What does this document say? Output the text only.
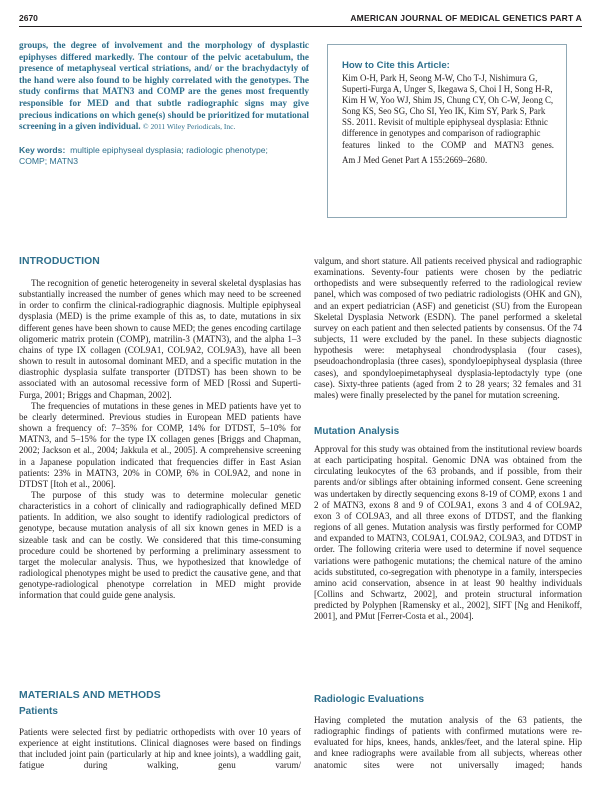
2670	AMERICAN JOURNAL OF MEDICAL GENETICS PART A

groups, the degree of involvement and the morphology of dysplastic epiphyses differed markedly. The contour of the pelvic acetabulum, the presence of metaphyseal vertical striations, and/ or the brachydactyly of the hand were also found to be highly correlated with the genotypes. The study confirms that MATN3 and COMP are the genes most frequently responsible for MED and that subtle radiographic signs may give precious indications on which gene(s) should be prioritized for mutational screening in a given individual. © 2011 Wiley Periodicals, Inc.

Key words: multiple epiphyseal dysplasia; radiologic phenotype;
COMP; MATN3
How to Cite this Article:
Kim O-H, Park H, Seong M-W, Cho T-J, Nishimura G, Superti-Furga A, Unger S, Ikegawa S, Choi I H, Song H-R, Kim H W, Yoo WJ, Shim JS, Chung CY, Oh C-W, Jeong C, Song KS, Seo SG, Cho SI, Yeo IK, Kim SY, Park S, Park SS. 2011. Revisit of multiple epiphyseal dysplasia: Ethnic difference in genotypes and comparison of radiographic features linked to the COMP and MATN3 genes.
Am J Med Genet Part A 155:2669–2680.
INTRODUCTION

The recognition of genetic heterogeneity in several skeletal dysplasias has substantially increased the number of genes which may need to be screened in order to confirm the clinical-radiographic diagnosis. Multiple epiphyseal dysplasia (MED) is the prime example of this as, to date, mutations in six different genes have been shown to cause MED; the genes encoding cartilage oligomeric matrix protein (COMP), matrilin-3 (MATN3), and the alpha 1–3 chains of type IX collagen (COL9A1, COL9A2, COL9A3), have all been shown to result in autosomal dominant MED, and a specific mutation in the diastrophic dysplasia sulfate transporter (DTDST) has been shown to be associated with an autosomal recessive form of MED [Rossi and Superti-Furga, 2001; Briggs and Chapman, 2002].

The frequencies of mutations in these genes in MED patients have yet to be clearly determined. Previous studies in European MED patients have shown a frequency of: 7–35% for COMP, 14% for DTDST, 5–10% for MATN3, and 5–15% for the type IX collagen genes [Briggs and Chapman, 2002; Jackson et al., 2004; Jakkula et al., 2005]. A comprehensive screening in a Japanese population indicated that frequencies differ in East Asian patients: 23% in MATN3, 20% in COMP, 6% in COL9A2, and none in DTDST [Itoh et al., 2006].

The purpose of this study was to determine molecular genetic characteristics in a cohort of clinically and radiographically defined MED patients. In addition, we also sought to identify radiological predictors of genotype, because mutation analysis of all six known genes in MED is a sizeable task and can be costly. We considered that this time-consuming procedure could be shortened by performing a preliminary assessment to target the molecular analysis. Thus, we hypothesized that knowledge of radiological phenotypes might be used to predict the causative gene, and that genotype-radiological phenotype correlation in MED might provide information that could guide gene analysis.

MATERIALS AND METHODS
Patients

Patients were selected first by pediatric orthopedists with over 10 years of experience at eight institutions. Clinical diagnoses were based on findings that included joint pain (particularly at hip and knee joints), a waddling gait, fatigue during walking, genu varum/

valgum, and short stature. All patients received physical and radiographic examinations. Seventy-four patients were chosen by the pediatric orthopedists and were subsequently referred to the radiological review panel, which was composed of two pediatric radiologists (OHK and GN), and an expert pediatrician (ASF) and geneticist (SU) from the European Skeletal Dysplasia Network (ESDN). The panel performed a skeletal survey on each patient and then selected patients by consensus. Of the 74 subjects, 11 were excluded by the panel. In these subjects diagnostic hypothesis were: metaphyseal chondrodysplasia (four cases), pseudoachondroplasia (three cases), spondyloepiphyseal dysplasia (three cases), and spondyloepimetaphyseal dysplasia-leptodactyly type (one case). Sixty-three patients (aged from 2 to 28 years; 32 females and 31 males) were finally preselected by the panel for mutation screening.

Mutation Analysis

Approval for this study was obtained from the institutional review boards at each participating hospital. Genomic DNA was obtained from the circulating leukocytes of the 63 probands, and if possible, from their parents and/or siblings after obtaining informed consent. Gene screening was undertaken by directly sequencing exons 8-19 of COMP, exons 1 and 2 of MATN3, exons 8 and 9 of COL9A1, exons 3 and 4 of COL9A2, exon 3 of COL9A3, and all three exons of DTDST, and the flanking regions of all genes. Mutation analysis was firstly performed for COMP and expanded to MATN3, COL9A1, COL9A2, COL9A3, and DTDST in order. The following criteria were used to determine if novel sequence variations were pathogenic mutations; the chemical nature of the amino acids substituted, co-segregation with phenotype in a family, interspecies amino acid conservation, absence in at least 90 healthy individuals [Collins and Schwartz, 2002], and protein structural information predicted by Polyphen [Ramensky et al., 2002], SIFT [Ng and Henikoff, 2001], and PMut [Ferrer-Costa et al., 2004].

Radiologic Evaluations

Having completed the mutation analysis of the 63 patients, the radiographic findings of patients with confirmed mutations were re-evaluated for hips, knees, hands, ankles/feet, and the lateral spine. Hip and knee radiographs were available from all subjects, whereas other anatomic sites were not universally imaged; hands
